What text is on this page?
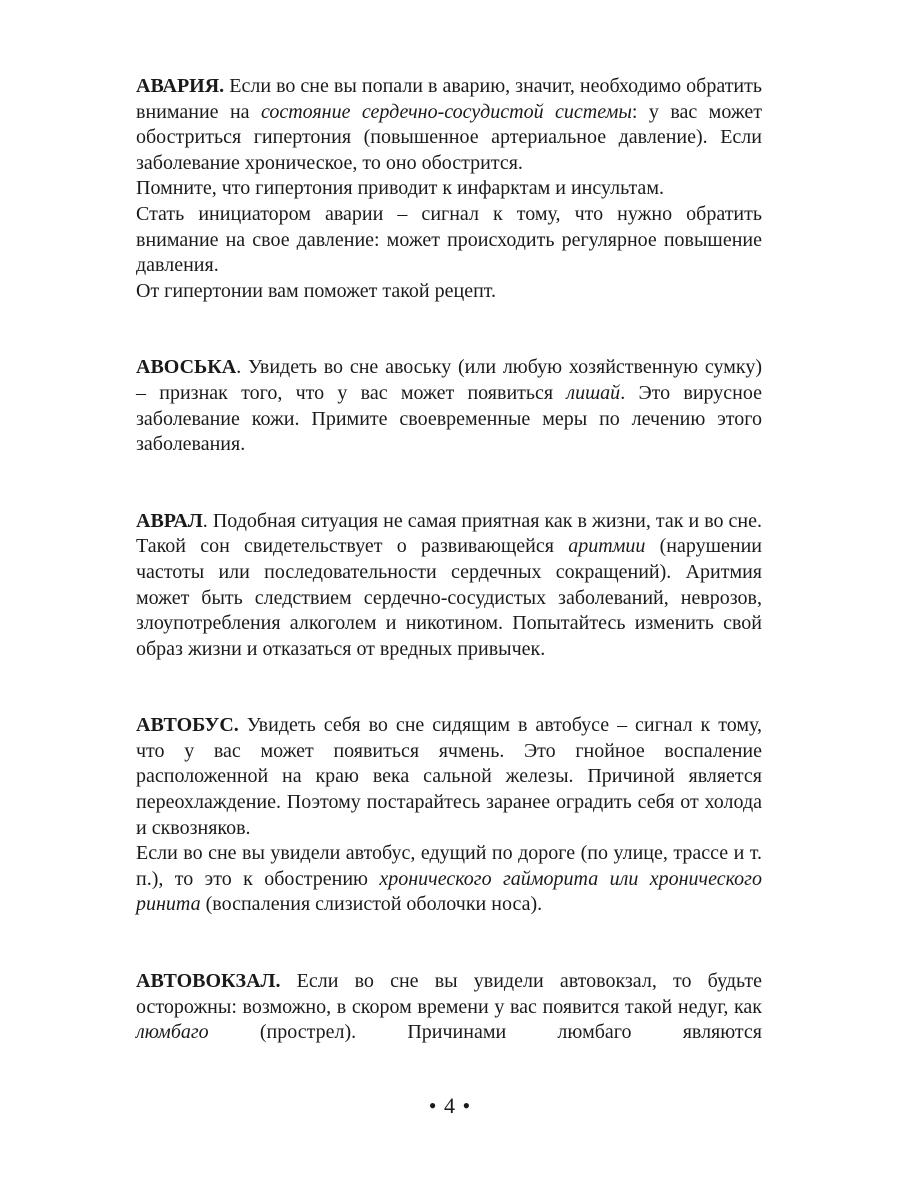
АВАРИЯ. Если во сне вы попали в аварию, значит, необходимо обратить внимание на состояние сердечно-сосудистой системы: у вас может обостриться гипертония (повышенное артериальное давление). Если заболевание хроническое, то оно обострится.

Помните, что гипертония приводит к инфарктам и инсультам.

Стать инициатором аварии – сигнал к тому, что нужно обратить внимание на свое давление: может происходить регулярное повышение давления.

От гипертонии вам поможет такой рецепт.

АВОСЬКА. Увидеть во сне авоську (или любую хозяйственную сумку) – признак того, что у вас может появиться лишай. Это вирусное заболевание кожи. Примите своевременные меры по лечению этого заболевания.

АВРАЛ. Подобная ситуация не самая приятная как в жизни, так и во сне. Такой сон свидетельствует о развивающейся аритмии (нарушении частоты или последовательности сердечных сокращений). Аритмия может быть следствием сердечно-сосудистых заболеваний, неврозов, злоупотребления алкоголем и никотином. Попытайтесь изменить свой образ жизни и отказаться от вредных привычек.

АВТОБУС. Увидеть себя во сне сидящим в автобусе – сигнал к тому, что у вас может появиться ячмень. Это гнойное воспаление расположенной на краю века сальной железы. Причиной является переохлаждение. Поэтому постарайтесь заранее оградить себя от холода и сквозняков.

Если во сне вы увидели автобус, едущий по дороге (по улице, трассе и т. п.), то это к обострению хронического гайморита или хронического ринита (воспаления слизистой оболочки носа).

АВТОВОКЗАЛ. Если во сне вы увидели автовокзал, то будьте осторожны: возможно, в скором времени у вас появится такой недуг, как люмбаго (прострел). Причинами люмбаго являются

• 4 •
